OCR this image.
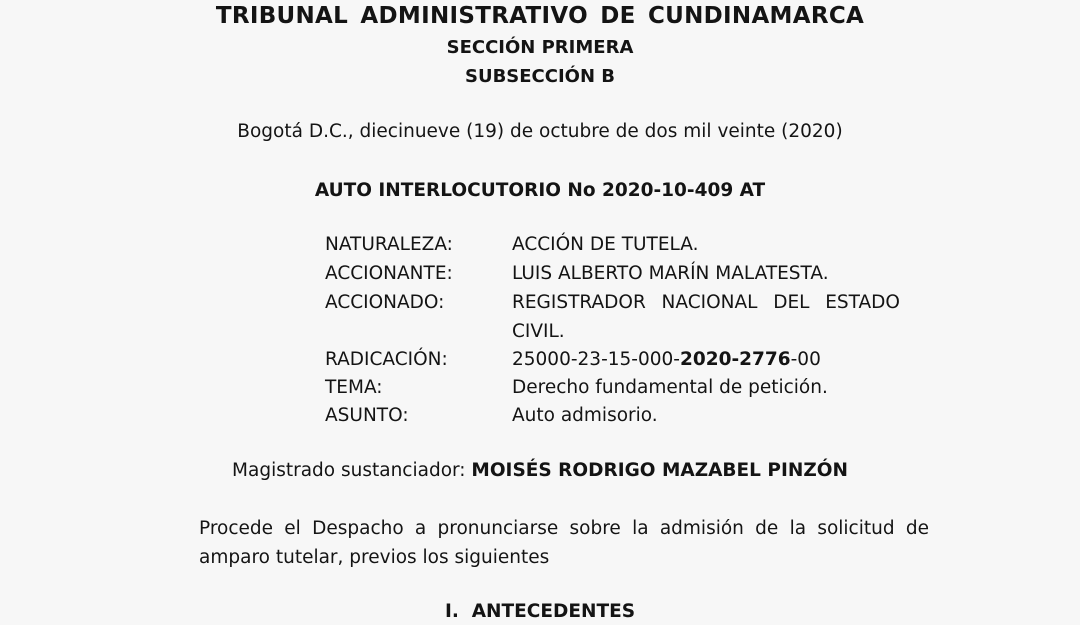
TRIBUNAL ADMINISTRATIVO DE CUNDINAMARCA
SECCIÓN PRIMERA
SUBSECCIÓN B
Bogotá D.C., diecinueve (19) de octubre de dos mil veinte (2020)
AUTO INTERLOCUTORIO No 2020-10-409 AT
NATURALEZA:	ACCIÓN DE TUTELA.
ACCIONANTE:	LUIS ALBERTO MARÍN MALATESTA.
ACCIONADO:	REGISTRADOR NACIONAL DEL ESTADO
CIVIL.
RADICACIÓN:	25000-23-15-000-2020-2776-00
TEMA:	Derecho fundamental de petición.
ASUNTO:	Auto admisorio.
Magistrado sustanciador: MOISÉS RODRIGO MAZABEL PINZÓN
Procede el Despacho a pronunciarse sobre la admisión de la solicitud de
amparo tutelar, previos los siguientes
I.  ANTECEDENTES
